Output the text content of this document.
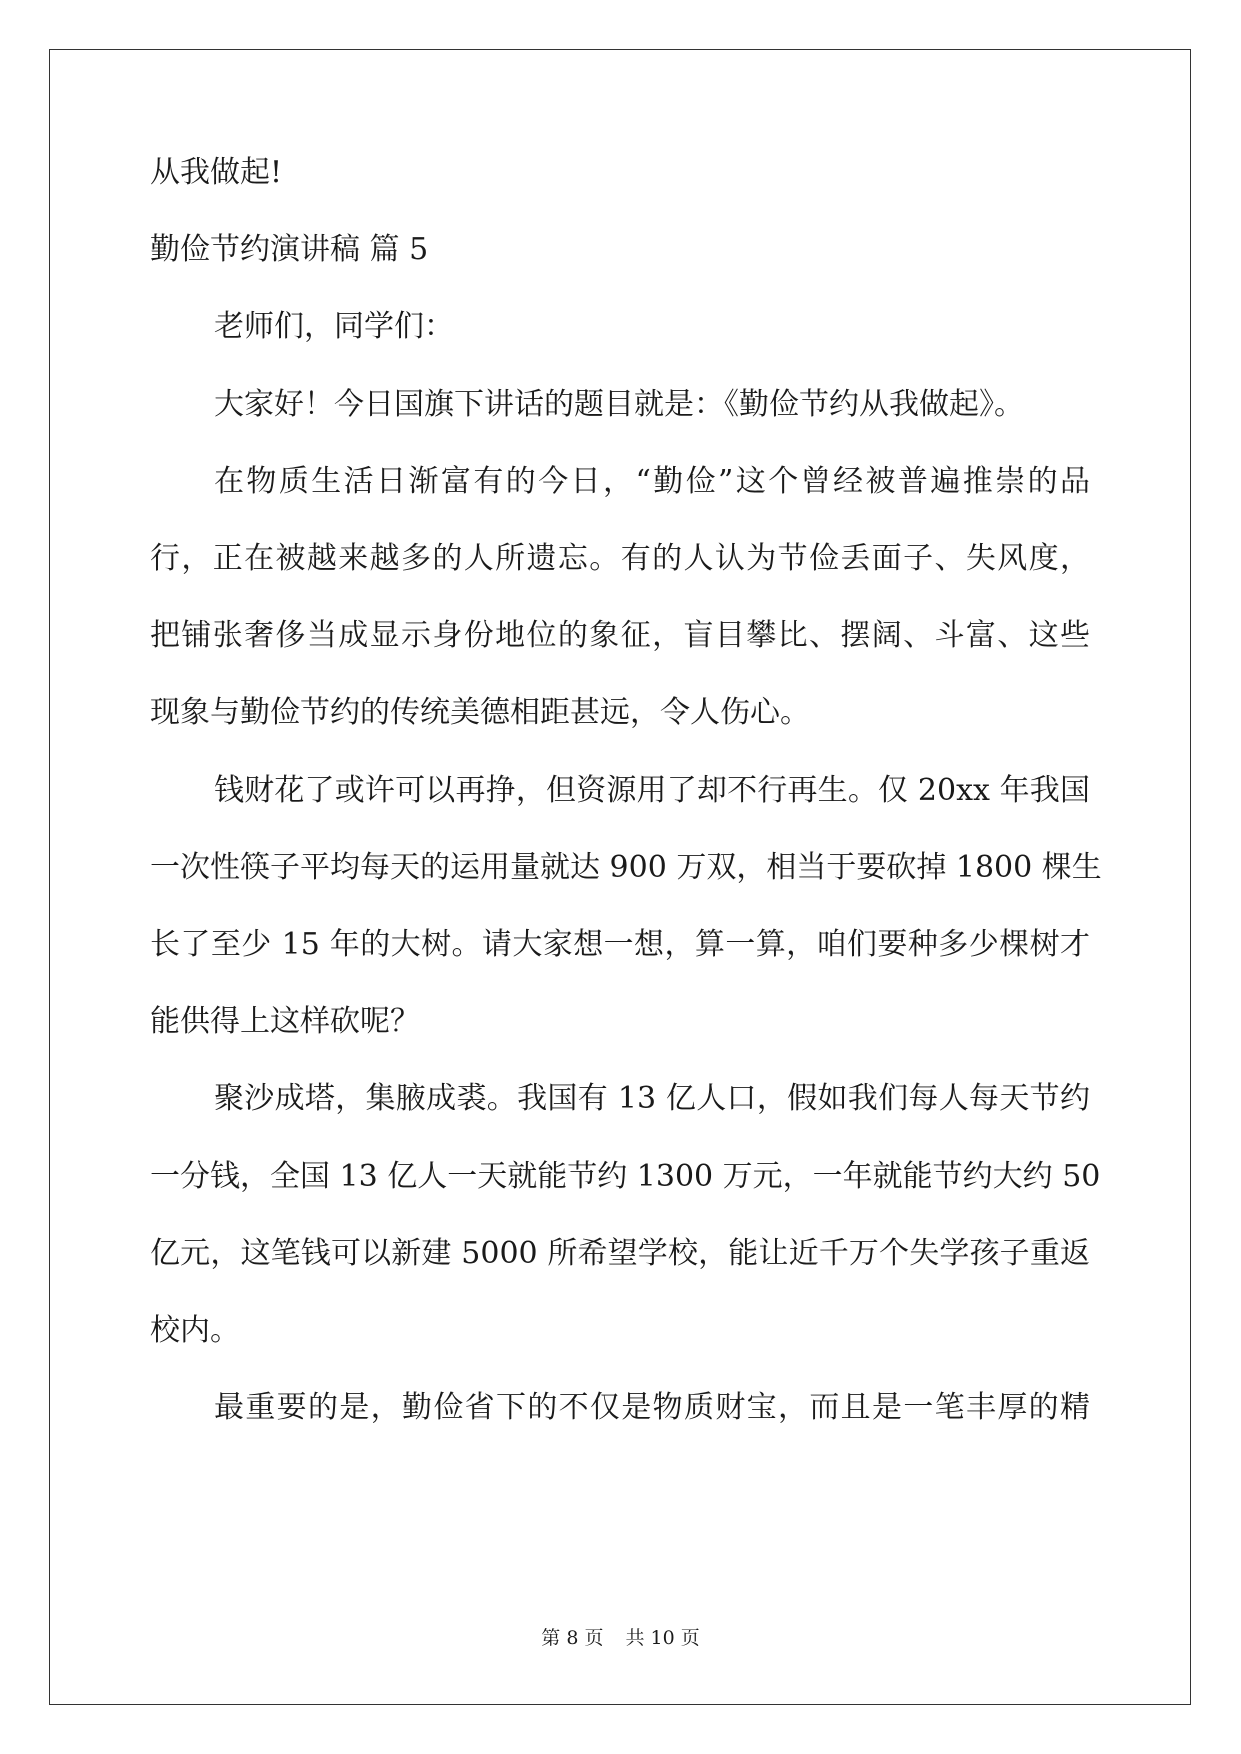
从我做起!
勤俭节约演讲稿 篇 5
老师们，同学们：
大家好！今日国旗下讲话的题目就是：《勤俭节约从我做起》。
在物质生活日渐富有的今日，“勤俭”这个曾经被普遍推崇的品
行，正在被越来越多的人所遗忘。有的人认为节俭丢面子、失风度，
把铺张奢侈当成显示身份地位的象征，盲目攀比、摆阔、斗富、这些
现象与勤俭节约的传统美德相距甚远，令人伤心。
钱财花了或许可以再挣，但资源用了却不行再生。仅 20xx 年我国
一次性筷子平均每天的运用量就达 900 万双，相当于要砍掉 1800 棵生
长了至少 15 年的大树。请大家想一想，算一算，咱们要种多少棵树才
能供得上这样砍呢？
聚沙成塔，集腋成裘。我国有 13 亿人口，假如我们每人每天节约
一分钱，全国 13 亿人一天就能节约 1300 万元，一年就能节约大约 50
亿元，这笔钱可以新建 5000 所希望学校，能让近千万个失学孩子重返
校内。
最重要的是，勤俭省下的不仅是物质财宝，而且是一笔丰厚的精
第 8 页 共 10 页
